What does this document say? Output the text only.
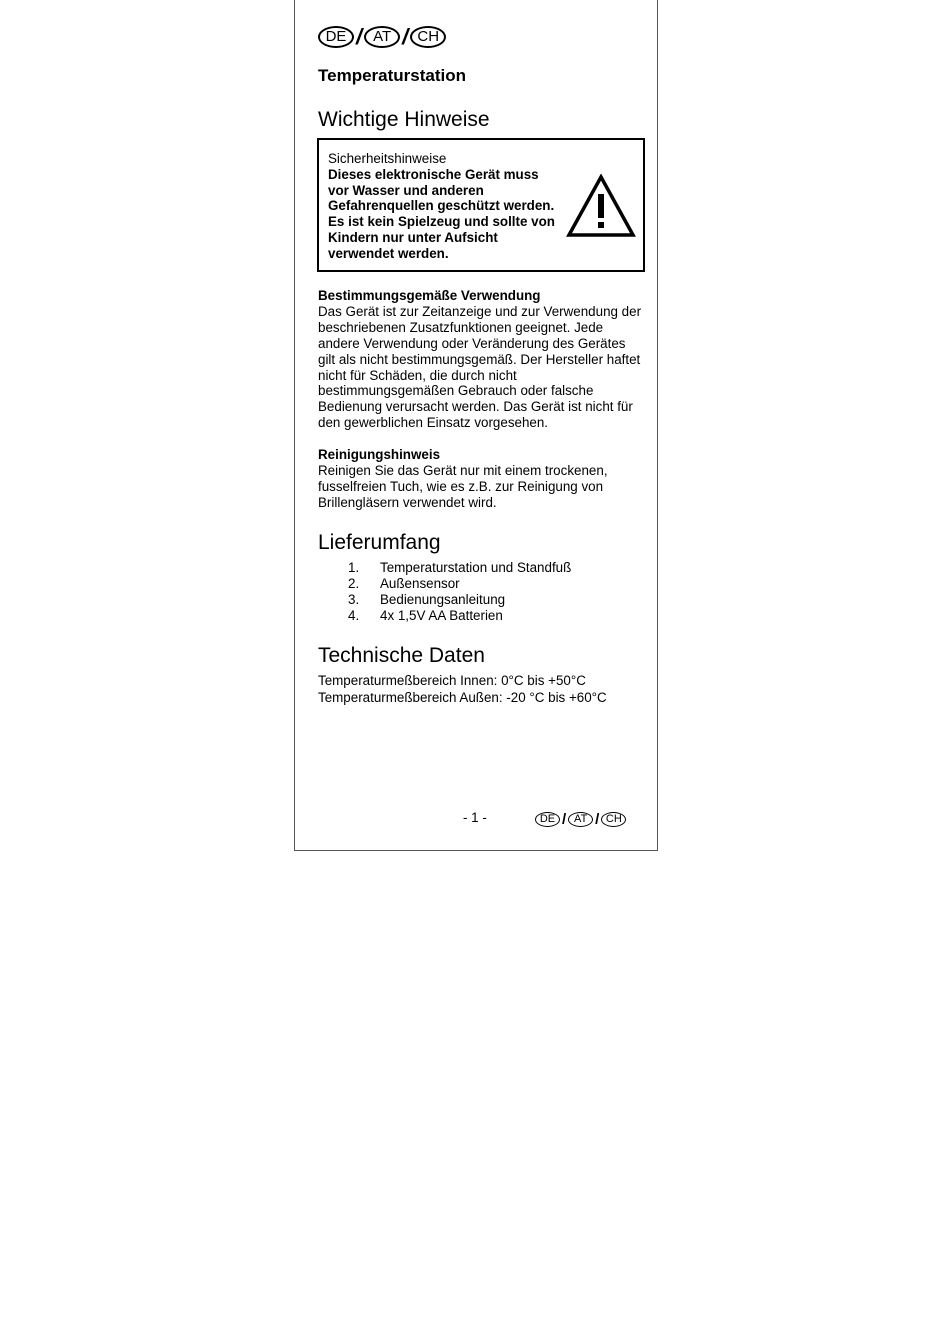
DE / AT / CH
Temperaturstation
Wichtige Hinweise
Sicherheitshinweise
Dieses elektronische Gerät muss vor Wasser und anderen Gefahrenquellen geschützt werden. Es ist kein Spielzeug und sollte von Kindern nur unter Aufsicht verwendet werden.
Bestimmungsgemäße Verwendung
Das Gerät ist zur Zeitanzeige und zur Verwendung der beschriebenen Zusatzfunktionen geeignet. Jede andere Verwendung oder Veränderung des Gerätes gilt als nicht bestimmungsgemäß. Der Hersteller haftet nicht für Schäden, die durch nicht bestimmungsgemäßen Gebrauch oder falsche Bedienung verursacht werden. Das Gerät ist nicht für den gewerblichen Einsatz vorgesehen.
Reinigungshinweis
Reinigen Sie das Gerät nur mit einem trockenen, fusselfreien Tuch, wie es z.B. zur Reinigung von Brillengläsern verwendet wird.
Lieferumfang
1.	Temperaturstation und Standfuß
2.	Außensensor
3.	Bedienungsanleitung
4.	4x 1,5V AA Batterien
Technische Daten
Temperaturmeßbereich Innen: 0°C bis +50°C
Temperaturmeßbereich Außen: -20 °C bis +60°C
- 1 -	DE / AT / CH
